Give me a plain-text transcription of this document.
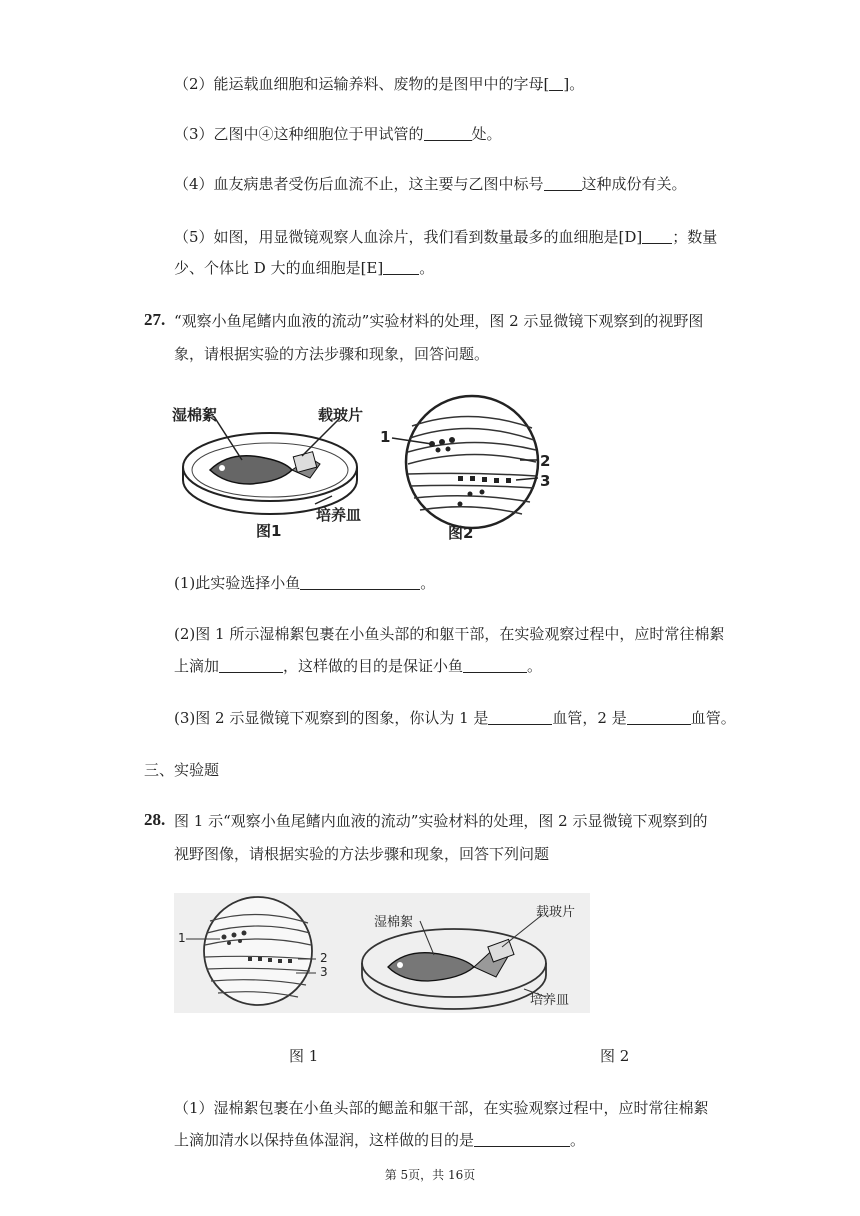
（2）能运载血细胞和运输养料、废物的是图甲中的字母[ ]。
（3）乙图中④这种细胞位于甲试管的	处。
（4）血友病患者受伤后血流不止，这主要与乙图中标号	这种成份有关。
（5）如图，用显微镜观察人血涂片，我们看到数量最多的血细胞是[D] ；数量
少、个体比 D 大的血细胞是[E] 。
27. “观察小鱼尾鳍内血液的流动”实验材料的处理，图 2 示显微镜下观察到的视野图
象，请根据实验的方法步骤和现象，回答问题。
湿棉絮	载玻片
培养皿
图1
1
2
3
图2
(1)此实验选择小鱼	。
(2)图 1 所示湿棉絮包裹在小鱼头部的和躯干部，在实验观察过程中，应时常往棉絮
上滴加	，这样做的目的是保证小鱼	。
(3)图 2 示显微镜下观察到的图象，你认为 1 是	血管，2 是	血管。
三、实验题
28. 图 1 示“观察小鱼尾鳍内血液的流动”实验材料的处理，图 2 示显微镜下观察到的
视野图像，请根据实验的方法步骤和现象，回答下列问题
1
2
3
湿棉絮
载玻片
培养皿
图 1	图 2
（1）湿棉絮包裹在小鱼头部的鳃盖和躯干部，在实验观察过程中，应时常往棉絮
上滴加清水以保持鱼体湿润，这样做的目的是	。
第 5页，共 16页
